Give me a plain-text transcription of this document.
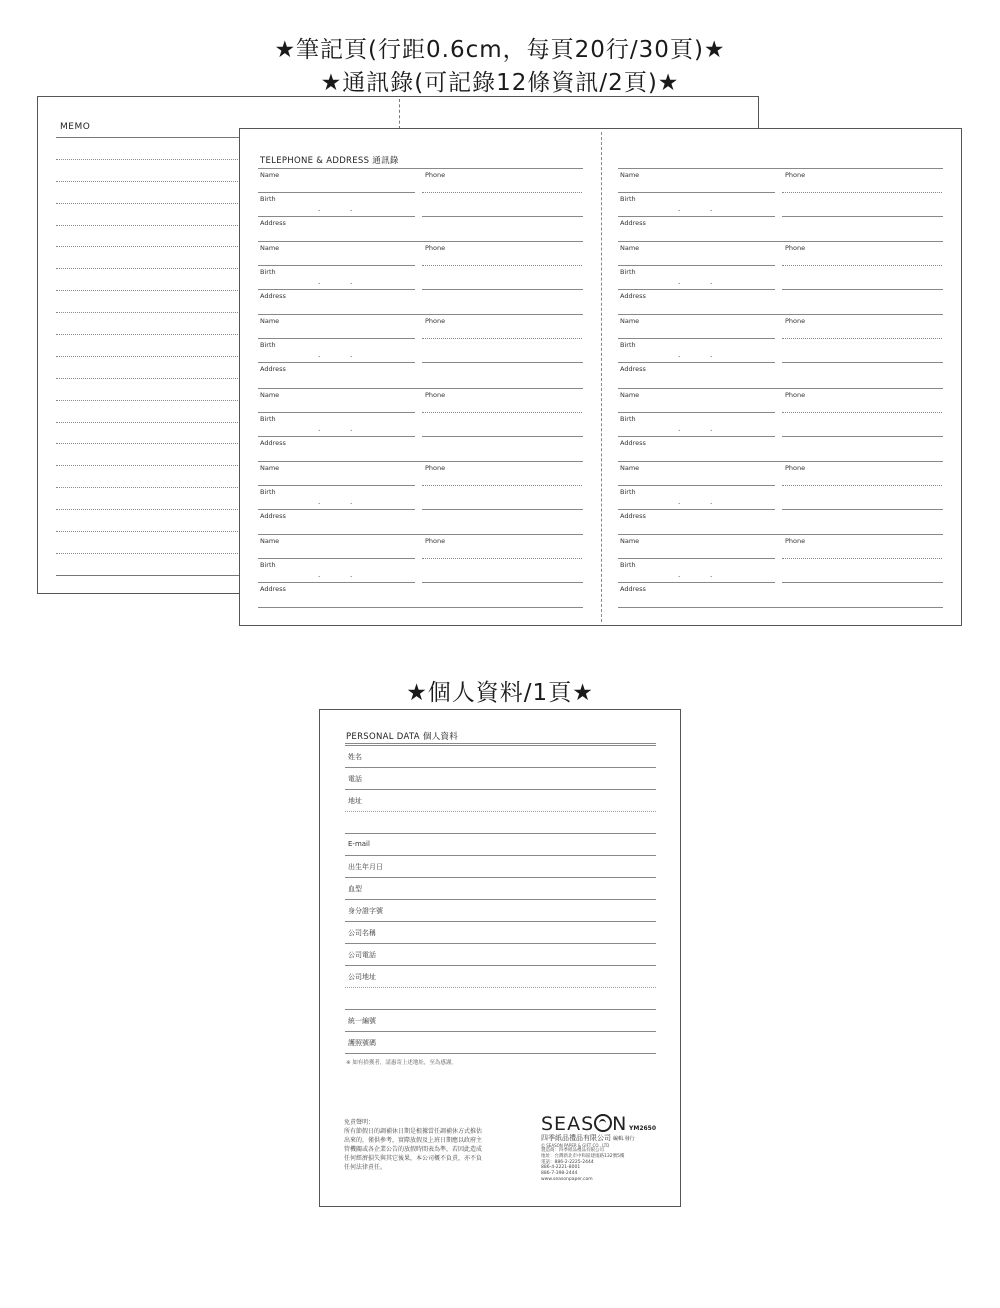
★筆記頁(行距0.6cm，每頁20行/30頁)★
★通訊錄(可記錄12條資訊/2頁)★
MEMO
TELEPHONE & ADDRESS 通訊錄
Name	Phone
Birth
.	.
Address
Name	Phone
Birth
.	.
Address
Name	Phone
Birth
.	.
Address
Name	Phone
Birth
.	.
Address
Name	Phone
Birth
.	.
Address
Name	Phone
Birth
.	.
Address
Name	Phone
Birth
.	.
Address
Name	Phone
Birth
.	.
Address
Name	Phone
Birth
.	.
Address
Name	Phone
Birth
.	.
Address
Name	Phone
Birth
.	.
Address
Name	Phone
Birth
.	.
Address
★個人資料/1頁★
PERSONAL DATA 個人資料
姓名
電話
地址
E-mail
出生年月日
血型
身分證字號
公司名稱
公司電話
公司地址
統一編號
護照號碼
※ 如有拾獲者，請惠寄上述地址，至為感謝。
免責聲明：
所有節假日的調補休日期是根據當任調補休方式推估出來的，僅供參考，實際放假及上班日期應以政府主管機關或各企業公告的放假時間表為準，若因此造成任何經濟損失與其它後果，本公司概不負責，亦不負任何法律責任。
SEAS N YM2650
四季紙品禮品有限公司 編輯.發行
© SEASON PAPER & GIFT CO., LTD
製造商：四季紙品禮品有限公司
地址：台灣新北市中和區建康路132號5樓
電話：886-2-2225-2444
886-4-2221-8001
886-7-398-2444
www.seasonpaper.com
